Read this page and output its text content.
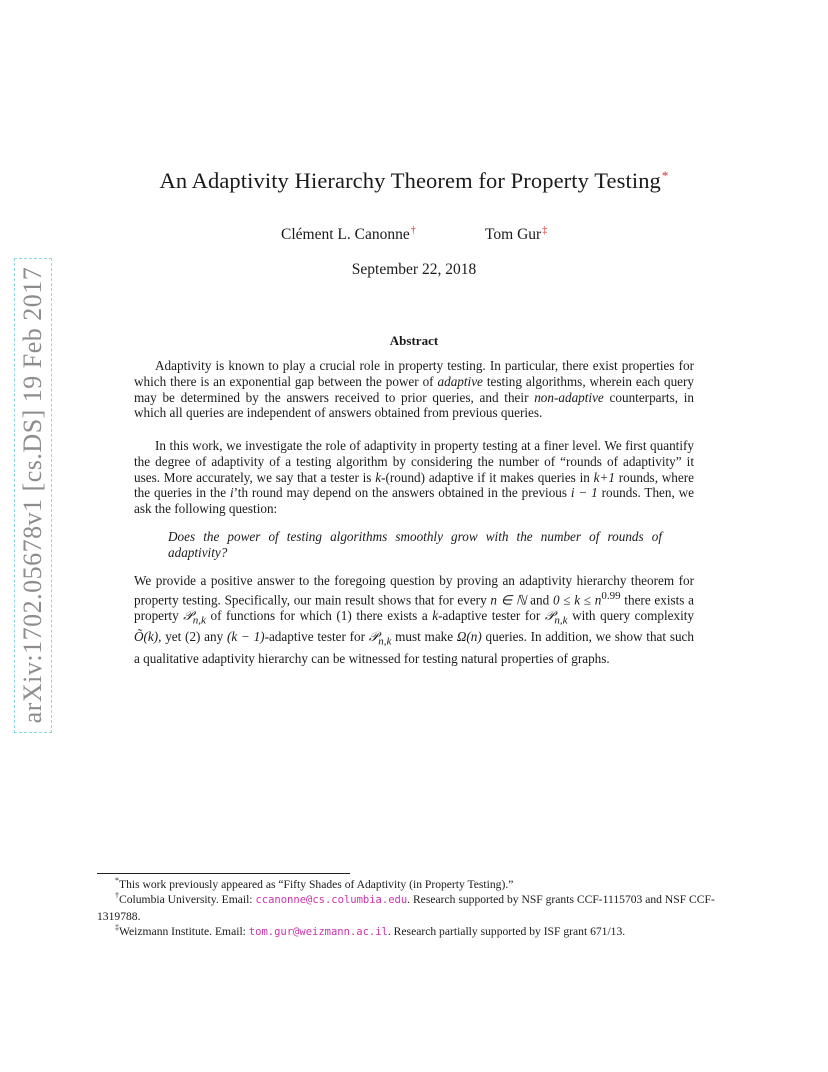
arXiv:1702.05678v1 [cs.DS] 19 Feb 2017
An Adaptivity Hierarchy Theorem for Property Testing*
Clément L. Canonne†	Tom Gur‡
September 22, 2018
Abstract

Adaptivity is known to play a crucial role in property testing. In particular, there exist properties for which there is an exponential gap between the power of adaptive testing algorithms, wherein each query may be determined by the answers received to prior queries, and their non-adaptive counterparts, in which all queries are independent of answers obtained from previous queries.

In this work, we investigate the role of adaptivity in property testing at a finer level. We first quantify the degree of adaptivity of a testing algorithm by considering the number of “rounds of adaptivity” it uses. More accurately, we say that a tester is k-(round) adaptive if it makes queries in k+1 rounds, where the queries in the i’th round may depend on the answers obtained in the previous i − 1 rounds. Then, we ask the following question:

Does the power of testing algorithms smoothly grow with the number of rounds of adaptivity?

We provide a positive answer to the foregoing question by proving an adaptivity hierarchy theorem for property testing. Specifically, our main result shows that for every n ∈ ℕ and $0 \le k \le n^{0.99}$ there exists a property 𝒫$_{n,k}$ of functions for which (1) there exists a k-adaptive tester for 𝒫$_{n,k}$ with query complexity Õ(k), yet (2) any (k − 1)-adaptive tester for 𝒫$_{n,k}$ must make Ω(n) queries. In addition, we show that such a qualitative adaptivity hierarchy can be witnessed for testing natural properties of graphs.

*This work previously appeared as “Fifty Shades of Adaptivity (in Property Testing).”

†Columbia University. Email: ccanonne@cs.columbia.edu. Research supported by NSF grants CCF-1115703 and NSF CCF-1319788.

‡Weizmann Institute. Email: tom.gur@weizmann.ac.il. Research partially supported by ISF grant 671/13.
